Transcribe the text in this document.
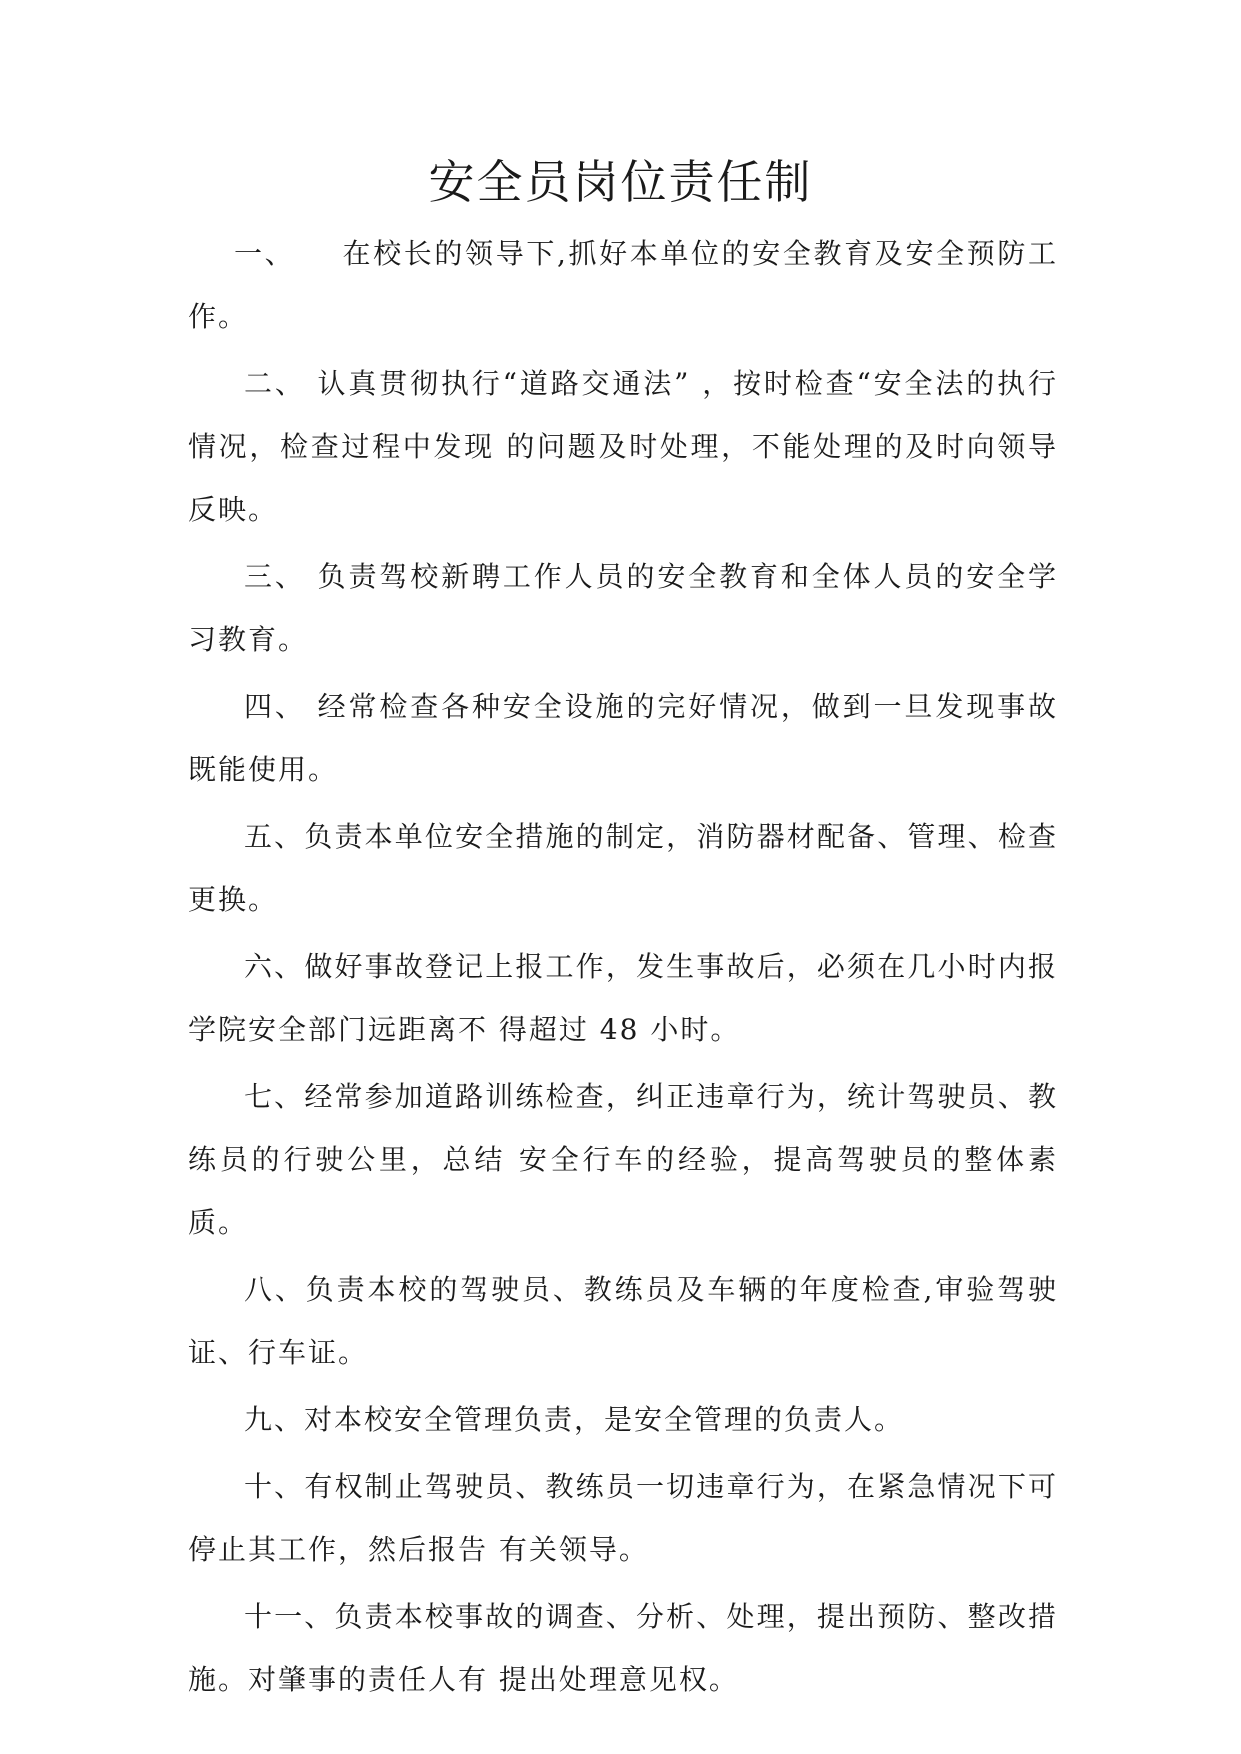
安全员岗位责任制

一、　　 在校长的领导下,抓好本单位的安全教育及安全预防工作。

二、 认真贯彻执行“道路交通法” ，按时检查“安全法的执行情况，检查过程中发现 的问题及时处理，不能处理的及时向领导反映。

三、 负责驾校新聘工作人员的安全教育和全体人员的安全学习教育。

四、 经常检查各种安全设施的完好情况，做到一旦发现事故既能使用。

五、负责本单位安全措施的制定，消防器材配备、管理、检查更换。

六、做好事故登记上报工作，发生事故后，必须在几小时内报学院安全部门远距离不 得超过 48 小时。

七、经常参加道路训练检查，纠正违章行为，统计驾驶员、教练员的行驶公里，总结 安全行车的经验，提高驾驶员的整体素质。

八、负责本校的驾驶员、教练员及车辆的年度检查,审验驾驶证、行车证。

九、对本校安全管理负责，是安全管理的负责人。

十、有权制止驾驶员、教练员一切违章行为，在紧急情况下可停止其工作，然后报告 有关领导。

十一、负责本校事故的调查、分析、处理，提出预防、整改措施。对肇事的责任人有 提出处理意见权。
